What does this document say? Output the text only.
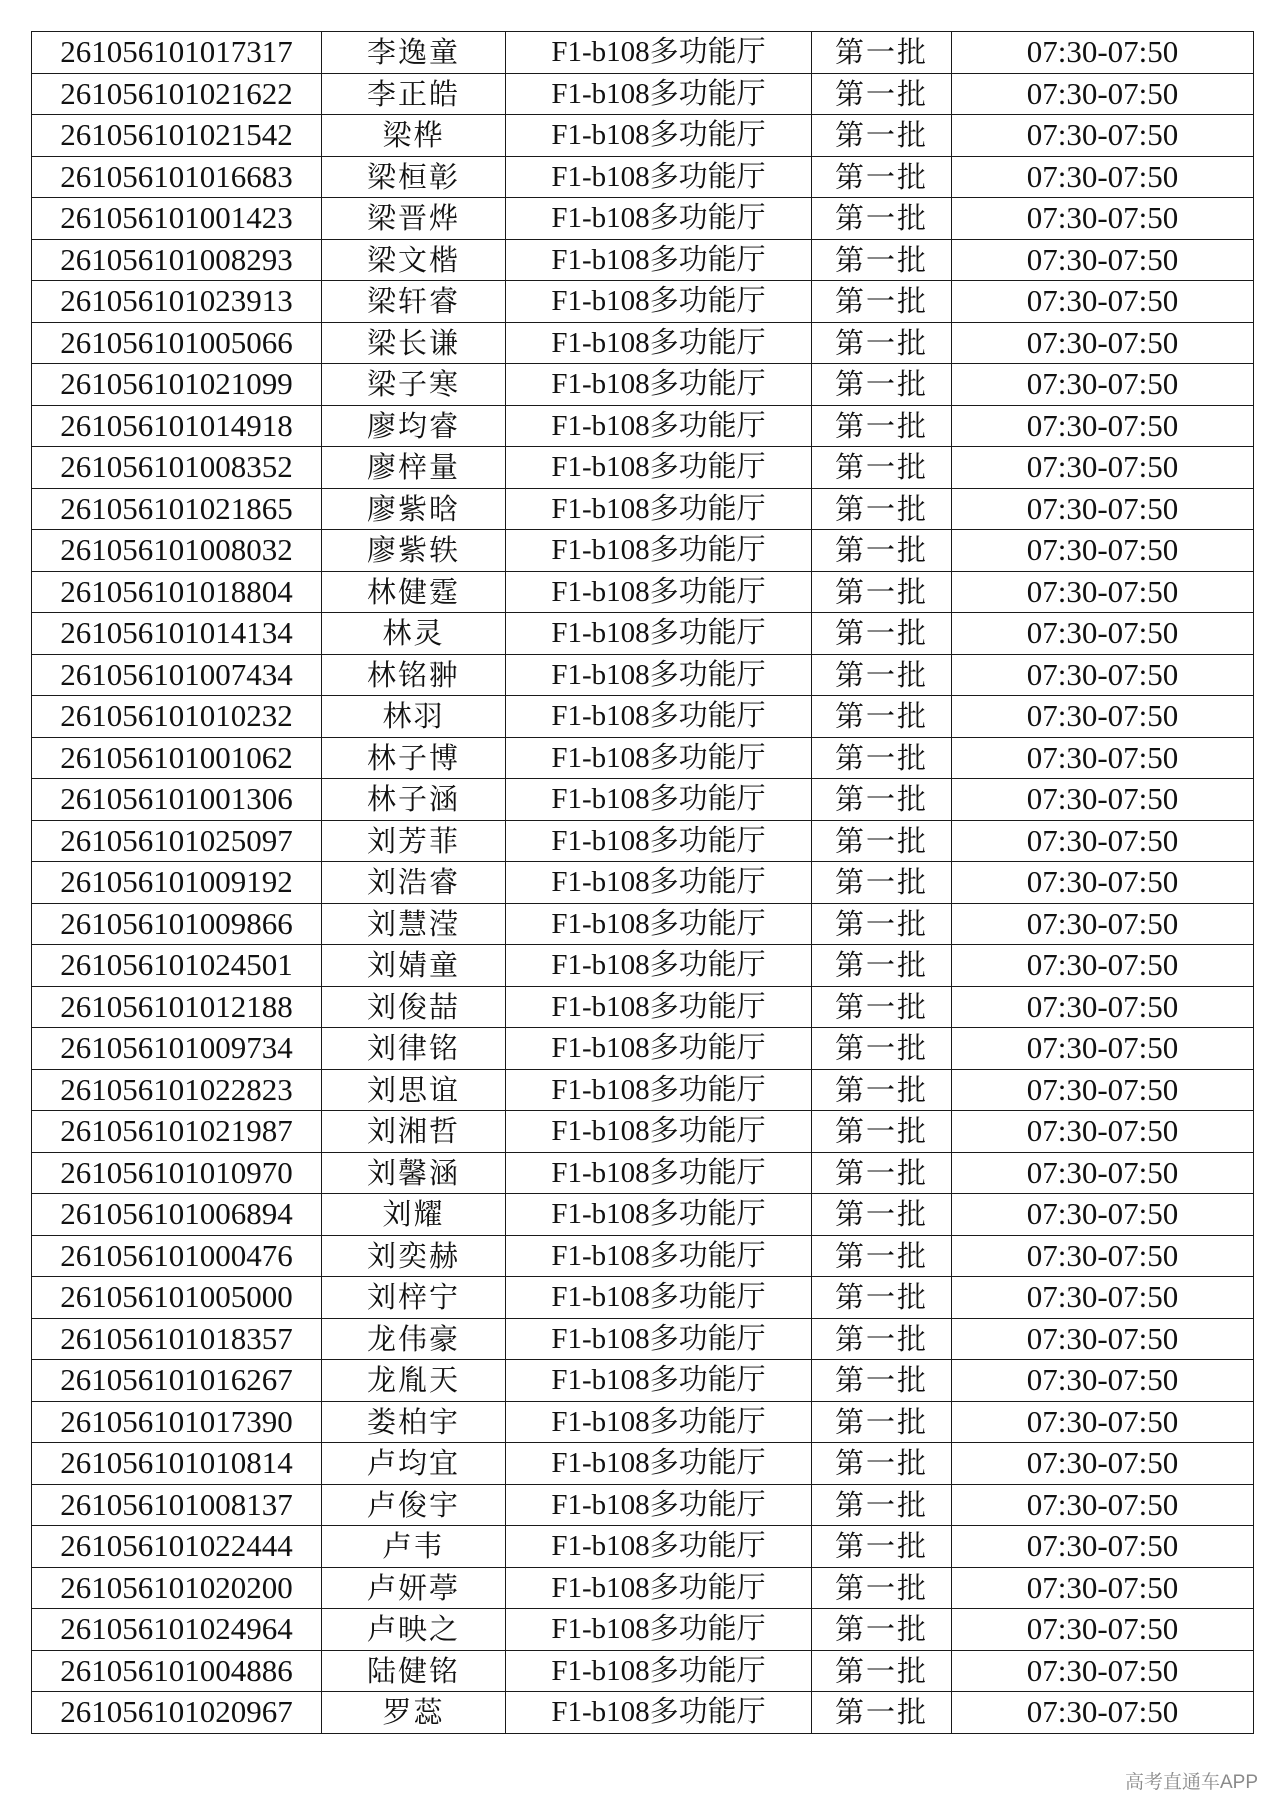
261056101017317	李逸童	F1-b108多功能厅	第一批	07:30-07:50
261056101021622	李正皓	F1-b108多功能厅	第一批	07:30-07:50
261056101021542	梁桦	F1-b108多功能厅	第一批	07:30-07:50
261056101016683	梁桓彰	F1-b108多功能厅	第一批	07:30-07:50
261056101001423	梁晋烨	F1-b108多功能厅	第一批	07:30-07:50
261056101008293	梁文楷	F1-b108多功能厅	第一批	07:30-07:50
261056101023913	梁轩睿	F1-b108多功能厅	第一批	07:30-07:50
261056101005066	梁长谦	F1-b108多功能厅	第一批	07:30-07:50
261056101021099	梁子寒	F1-b108多功能厅	第一批	07:30-07:50
261056101014918	廖均睿	F1-b108多功能厅	第一批	07:30-07:50
261056101008352	廖梓量	F1-b108多功能厅	第一批	07:30-07:50
261056101021865	廖紫晗	F1-b108多功能厅	第一批	07:30-07:50
261056101008032	廖紫轶	F1-b108多功能厅	第一批	07:30-07:50
261056101018804	林健霆	F1-b108多功能厅	第一批	07:30-07:50
261056101014134	林灵	F1-b108多功能厅	第一批	07:30-07:50
261056101007434	林铭翀	F1-b108多功能厅	第一批	07:30-07:50
261056101010232	林羽	F1-b108多功能厅	第一批	07:30-07:50
261056101001062	林子博	F1-b108多功能厅	第一批	07:30-07:50
261056101001306	林子涵	F1-b108多功能厅	第一批	07:30-07:50
261056101025097	刘芳菲	F1-b108多功能厅	第一批	07:30-07:50
261056101009192	刘浩睿	F1-b108多功能厅	第一批	07:30-07:50
261056101009866	刘慧滢	F1-b108多功能厅	第一批	07:30-07:50
261056101024501	刘婧童	F1-b108多功能厅	第一批	07:30-07:50
261056101012188	刘俊喆	F1-b108多功能厅	第一批	07:30-07:50
261056101009734	刘律铭	F1-b108多功能厅	第一批	07:30-07:50
261056101022823	刘思谊	F1-b108多功能厅	第一批	07:30-07:50
261056101021987	刘湘哲	F1-b108多功能厅	第一批	07:30-07:50
261056101010970	刘馨涵	F1-b108多功能厅	第一批	07:30-07:50
261056101006894	刘耀	F1-b108多功能厅	第一批	07:30-07:50
261056101000476	刘奕赫	F1-b108多功能厅	第一批	07:30-07:50
261056101005000	刘梓宁	F1-b108多功能厅	第一批	07:30-07:50
261056101018357	龙伟豪	F1-b108多功能厅	第一批	07:30-07:50
261056101016267	龙胤天	F1-b108多功能厅	第一批	07:30-07:50
261056101017390	娄柏宇	F1-b108多功能厅	第一批	07:30-07:50
261056101010814	卢均宜	F1-b108多功能厅	第一批	07:30-07:50
261056101008137	卢俊宇	F1-b108多功能厅	第一批	07:30-07:50
261056101022444	卢韦	F1-b108多功能厅	第一批	07:30-07:50
261056101020200	卢妍葶	F1-b108多功能厅	第一批	07:30-07:50
261056101024964	卢映之	F1-b108多功能厅	第一批	07:30-07:50
261056101004886	陆健铭	F1-b108多功能厅	第一批	07:30-07:50
261056101020967	罗蕊	F1-b108多功能厅	第一批	07:30-07:50
高考直通车APP
